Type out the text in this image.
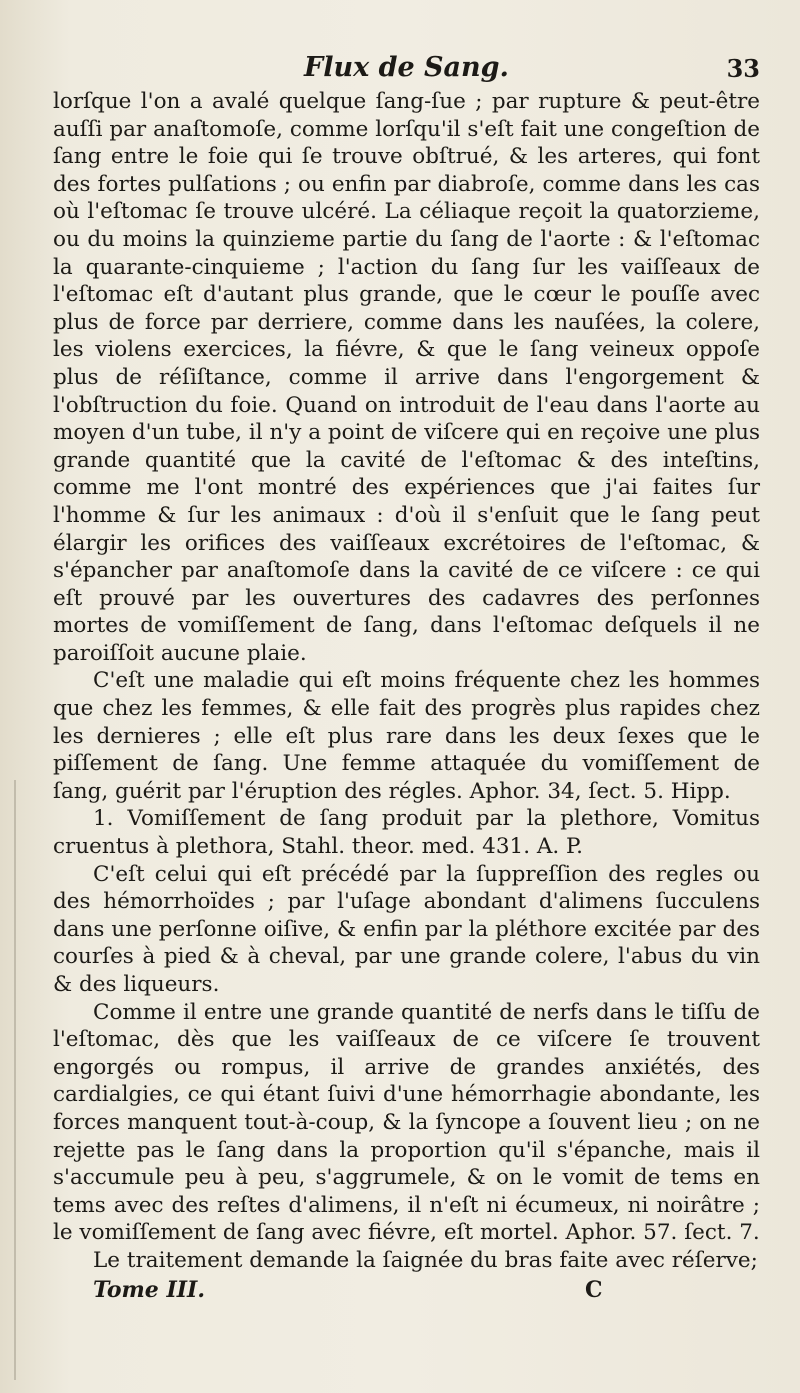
Flux de Sang.	33

lorſque l'on a avalé quelque ſang-ſue ; par rupture & peut-être auſſi par anaſtomoſe, comme lorſqu'il s'eſt fait une congeſtion de ſang entre le foie qui ſe trouve obſtrué, & les arteres, qui font des fortes pulſations ; ou enfin par diabroſe, comme dans les cas où l'eſtomac ſe trouve ulcéré. La céliaque reçoit la quatorzieme, ou du moins la quinzieme partie du ſang de l'aorte : & l'eſtomac la quarante-cinquieme ; l'action du ſang ſur les vaiſſeaux de l'eſtomac eſt d'autant plus grande, que le cœur le pouſſe avec plus de force par derriere, comme dans les nauſées, la colere, les violens exercices, la fiévre, & que le ſang veineux oppoſe plus de réſiſtance, comme il arrive dans l'engorgement & l'obſtruction du foie. Quand on introduit de l'eau dans l'aorte au moyen d'un tube, il n'y a point de viſcere qui en reçoive une plus grande quantité que la cavité de l'eſtomac & des inteſtins, comme me l'ont montré des expériences que j'ai faites ſur l'homme & ſur les animaux : d'où il s'enſuit que le ſang peut élargir les orifices des vaiſſeaux excrétoires de l'eſtomac, & s'épancher par anaſtomoſe dans la cavité de ce viſcere : ce qui eſt prouvé par les ouvertures des cadavres des perſonnes mortes de vomiſſement de ſang, dans l'eſtomac deſquels il ne paroiſſoit aucune plaie.

C'eſt une maladie qui eſt moins fréquente chez les hommes que chez les femmes, & elle fait des progrès plus rapides chez les dernieres ; elle eſt plus rare dans les deux ſexes que le piſſement de ſang. Une femme attaquée du vomiſſement de ſang, guérit par l'éruption des régles. Aphor. 34, ſect. 5. Hipp.

1. Vomiſſement de ſang produit par la plethore, Vomitus cruentus à plethora, Stahl. theor. med. 431. A. P.

C'eſt celui qui eſt précédé par la ſuppreſſion des regles ou des hémorrhoïdes ; par l'uſage abondant d'alimens ſucculens dans une perſonne oiſive, & enfin par la pléthore excitée par des courſes à pied & à cheval, par une grande colere, l'abus du vin & des liqueurs.

Comme il entre une grande quantité de nerfs dans le tiſſu de l'eſtomac, dès que les vaiſſeaux de ce viſcere ſe trouvent engorgés ou rompus, il arrive de grandes anxiétés, des cardialgies, ce qui étant ſuivi d'une hémorrhagie abondante, les forces manquent tout-à-coup, & la ſyncope a ſouvent lieu ; on ne rejette pas le ſang dans la proportion qu'il s'épanche, mais il s'accumule peu à peu, s'aggrumele, & on le vomit de tems en tems avec des reſtes d'alimens, il n'eſt ni écumeux, ni noirâtre ; le vomiſſement de ſang avec fiévre, eſt mortel. Aphor. 57. ſect. 7.

Le traitement demande la ſaignée du bras faite avec réſerve;

Tome III.	C
